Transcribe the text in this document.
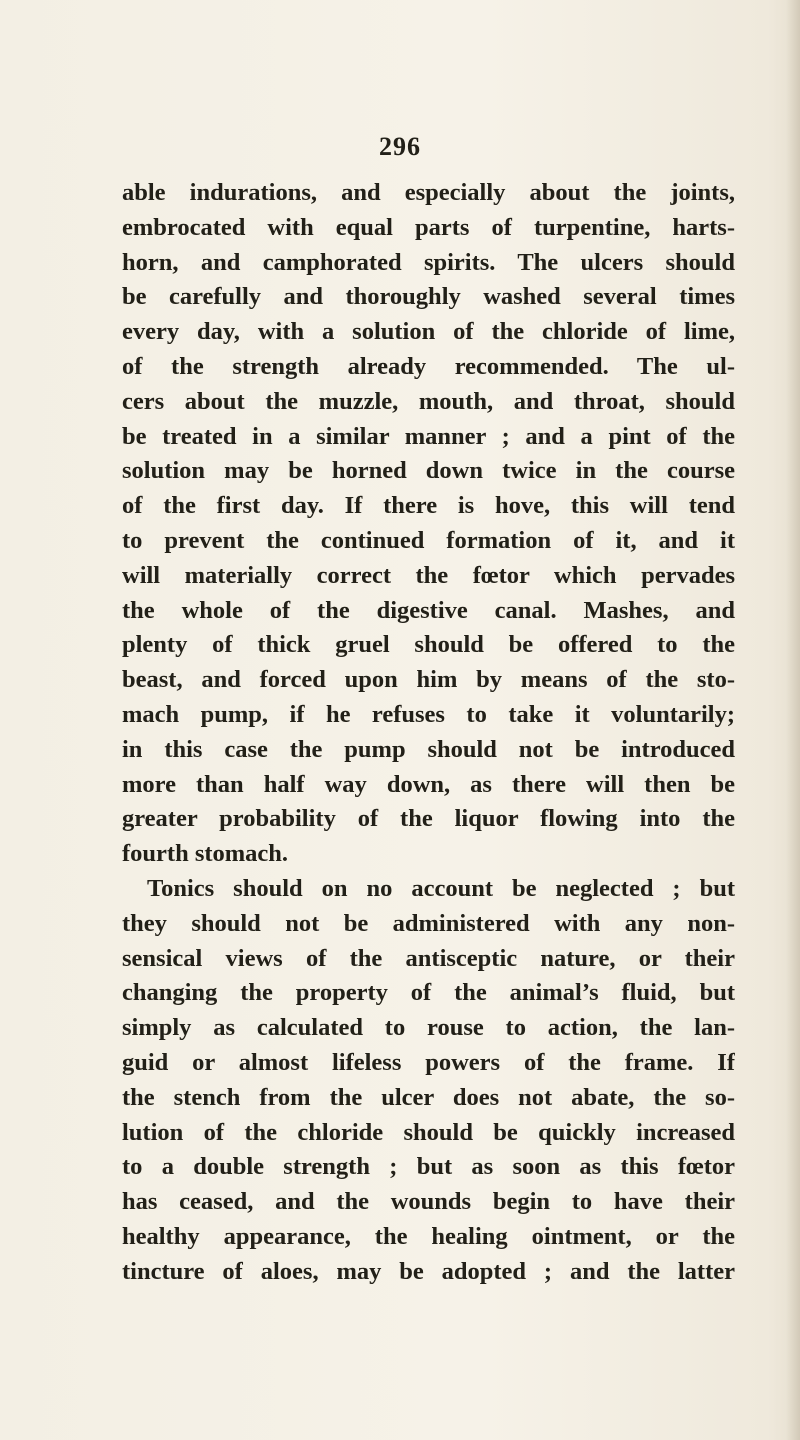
296
able indurations, and especially about the joints,
embrocated with equal parts of turpentine, harts-
horn, and camphorated spirits. The ulcers should
be carefully and thoroughly washed several times
every day, with a solution of the chloride of lime,
of the strength already recommended. The ul-
cers about the muzzle, mouth, and throat, should
be treated in a similar manner ; and a pint of the
solution may be horned down twice in the course
of the first day. If there is hove, this will tend
to prevent the continued formation of it, and it
will materially correct the fœtor which pervades
the whole of the digestive canal. Mashes, and
plenty of thick gruel should be offered to the
beast, and forced upon him by means of the sto-
mach pump, if he refuses to take it voluntarily;
in this case the pump should not be introduced
more than half way down, as there will then be
greater probability of the liquor flowing into the
fourth stomach.
Tonics should on no account be neglected ; but
they should not be administered with any non-
sensical views of the antisceptic nature, or their
changing the property of the animal’s fluid, but
simply as calculated to rouse to action, the lan-
guid or almost lifeless powers of the frame. If
the stench from the ulcer does not abate, the so-
lution of the chloride should be quickly increased
to a double strength ; but as soon as this fœtor
has ceased, and the wounds begin to have their
healthy appearance, the healing ointment, or the
tincture of aloes, may be adopted ; and the latter
